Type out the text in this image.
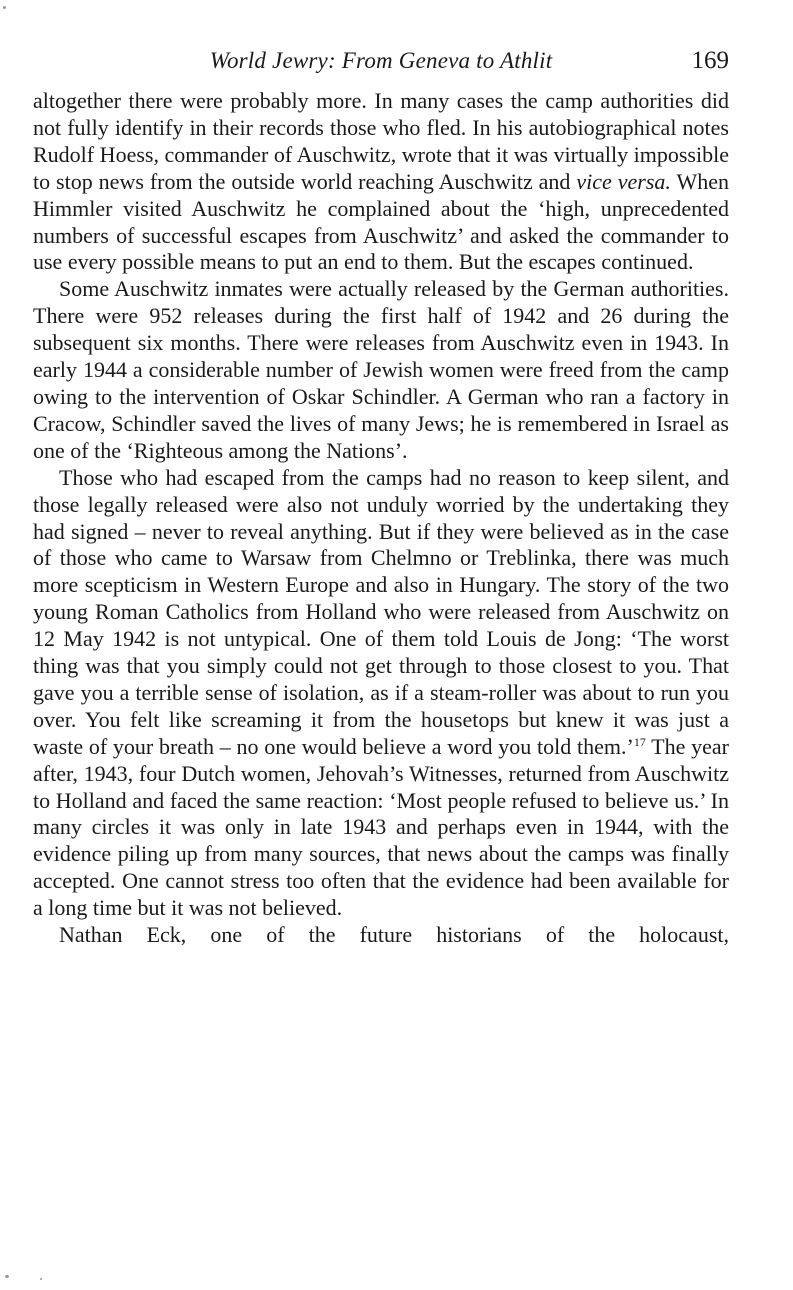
World Jewry: From Geneva to Athlit	169

altogether there were probably more. In many cases the camp authorities did not fully identify in their records those who fled. In his autobiographical notes Rudolf Hoess, commander of Auschwitz, wrote that it was virtually impossible to stop news from the outside world reaching Auschwitz and vice versa. When Himmler visited Auschwitz he complained about the ‘high, unprecedented numbers of successful escapes from Auschwitz’ and asked the commander to use every possible means to put an end to them. But the escapes continued.

Some Auschwitz inmates were actually released by the German authorities. There were 952 releases during the first half of 1942 and 26 during the subsequent six months. There were releases from Auschwitz even in 1943. In early 1944 a considerable number of Jewish women were freed from the camp owing to the intervention of Oskar Schindler. A German who ran a factory in Cracow, Schindler saved the lives of many Jews; he is remembered in Israel as one of the ‘Righteous among the Nations’.

Those who had escaped from the camps had no reason to keep silent, and those legally released were also not unduly worried by the undertaking they had signed – never to reveal anything. But if they were believed as in the case of those who came to Warsaw from Chelmno or Treblinka, there was much more scepticism in Western Europe and also in Hungary. The story of the two young Roman Catholics from Holland who were released from Auschwitz on 12 May 1942 is not untypical. One of them told Louis de Jong: ‘The worst thing was that you simply could not get through to those closest to you. That gave you a terrible sense of isolation, as if a steam-roller was about to run you over. You felt like screaming it from the housetops but knew it was just a waste of your breath – no one would believe a word you told them.’$^{17}$ The year after, 1943, four Dutch women, Jehovah’s Witnesses, returned from Auschwitz to Holland and faced the same reaction: ‘Most people refused to believe us.’ In many circles it was only in late 1943 and perhaps even in 1944, with the evidence piling up from many sources, that news about the camps was finally accepted. One cannot stress too often that the evidence had been available for a long time but it was not believed.

Nathan Eck, one of the future historians of the holocaust,
